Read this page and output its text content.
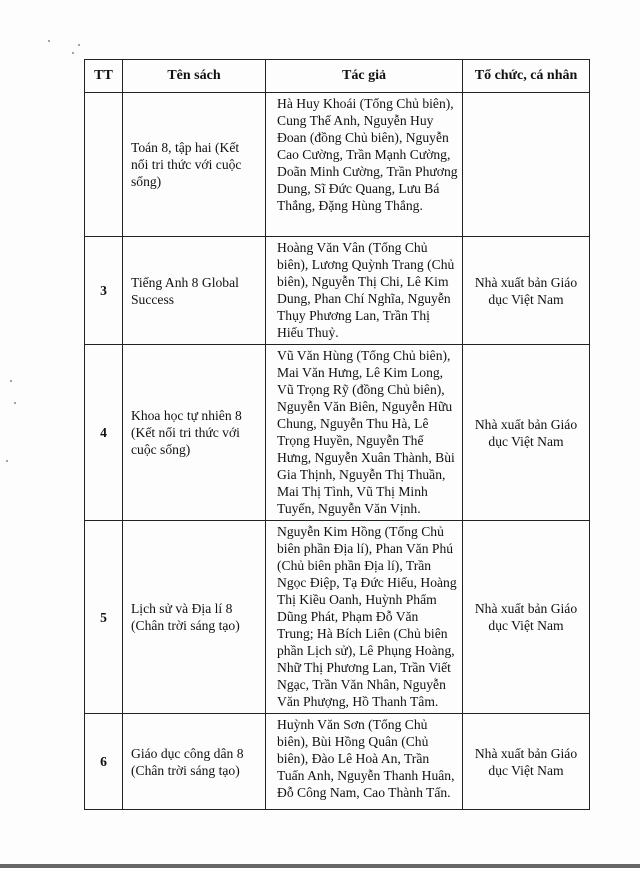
TT	Tên sách	Tác giả	Tổ chức, cá nhân
	Toán 8, tập hai (Kết nối tri thức với cuộc sống)	Hà Huy Khoái (Tổng Chủ biên), Cung Thế Anh, Nguyễn Huy Đoan (đồng Chủ biên), Nguyễn Cao Cường, Trần Mạnh Cường, Doãn Minh Cường, Trần Phương Dung, Sĩ Đức Quang, Lưu Bá Thắng, Đặng Hùng Thắng.	
3	Tiếng Anh 8 Global Success	Hoàng Văn Vân (Tổng Chủ biên), Lương Quỳnh Trang (Chủ biên), Nguyễn Thị Chi, Lê Kim Dung, Phan Chí Nghĩa, Nguyễn Thụy Phương Lan, Trần Thị Hiếu Thuỷ.	Nhà xuất bản Giáo dục Việt Nam
4	Khoa học tự nhiên 8 (Kết nối tri thức với cuộc sống)	Vũ Văn Hùng (Tổng Chủ biên), Mai Văn Hưng, Lê Kim Long, Vũ Trọng Rỹ (đồng Chủ biên), Nguyễn Văn Biên, Nguyễn Hữu Chung, Nguyễn Thu Hà, Lê Trọng Huyền, Nguyễn Thế Hưng, Nguyễn Xuân Thành, Bùi Gia Thịnh, Nguyễn Thị Thuần, Mai Thị Tình, Vũ Thị Minh Tuyến, Nguyễn Văn Vịnh.	Nhà xuất bản Giáo dục Việt Nam
5	Lịch sử và Địa lí 8 (Chân trời sáng tạo)	Nguyễn Kim Hồng (Tổng Chủ biên phần Địa lí), Phan Văn Phú (Chủ biên phần Địa lí), Trần Ngọc Điệp, Tạ Đức Hiếu, Hoàng Thị Kiều Oanh, Huỳnh Phẩm Dũng Phát, Phạm Đỗ Văn Trung; Hà Bích Liên (Chủ biên phần Lịch sử), Lê Phụng Hoàng, Nhữ Thị Phương Lan, Trần Viết Ngạc, Trần Văn Nhân, Nguyễn Văn Phượng, Hồ Thanh Tâm.	Nhà xuất bản Giáo dục Việt Nam
6	Giáo dục công dân 8 (Chân trời sáng tạo)	Huỳnh Văn Sơn (Tổng Chủ biên), Bùi Hồng Quân (Chủ biên), Đào Lê Hoà An, Trần Tuấn Anh, Nguyễn Thanh Huân, Đỗ Công Nam, Cao Thành Tấn.	Nhà xuất bản Giáo dục Việt Nam
